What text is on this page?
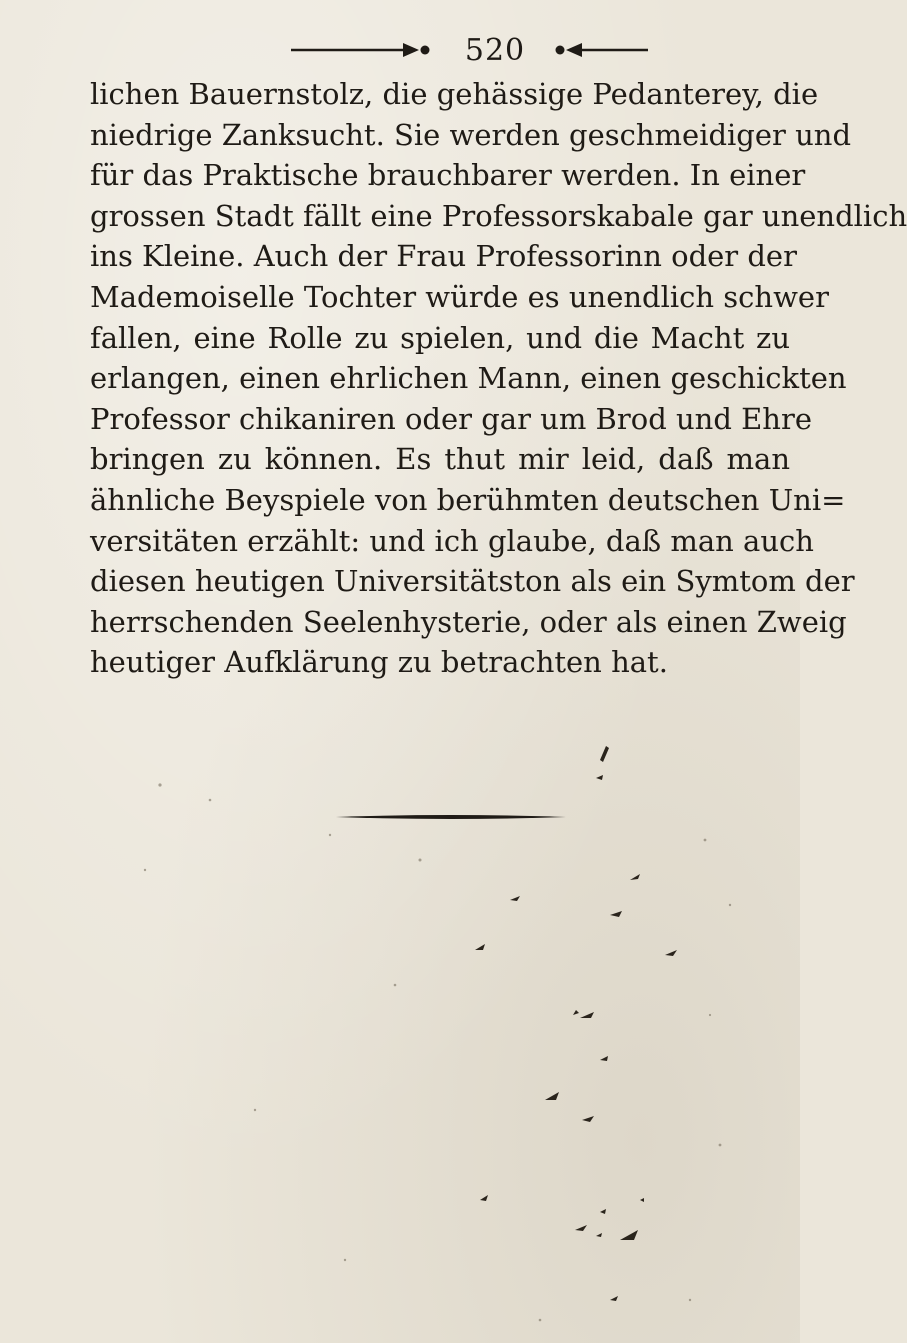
520
lichen Bauernstolz, die gehässige Pedanterey, die
niedrige Zanksucht. Sie werden geschmeidiger und
für das Praktische brauchbarer werden. In einer
grossen Stadt fällt eine Professorskabale gar unendlich
ins Kleine. Auch der Frau Professorinn oder der
Mademoiselle Tochter würde es unendlich schwer
fallen, eine Rolle zu spielen, und die Macht zu
erlangen, einen ehrlichen Mann, einen geschickten
Professor chikaniren oder gar um Brod und Ehre
bringen zu können. Es thut mir leid, daß man
ähnliche Beyspiele von berühmten deutschen Uni=
versitäten erzählt: und ich glaube, daß man auch
diesen heutigen Universitätston als ein Symtom der
herrschenden Seelenhysterie, oder als einen Zweig
heutiger Aufklärung zu betrachten hat.
